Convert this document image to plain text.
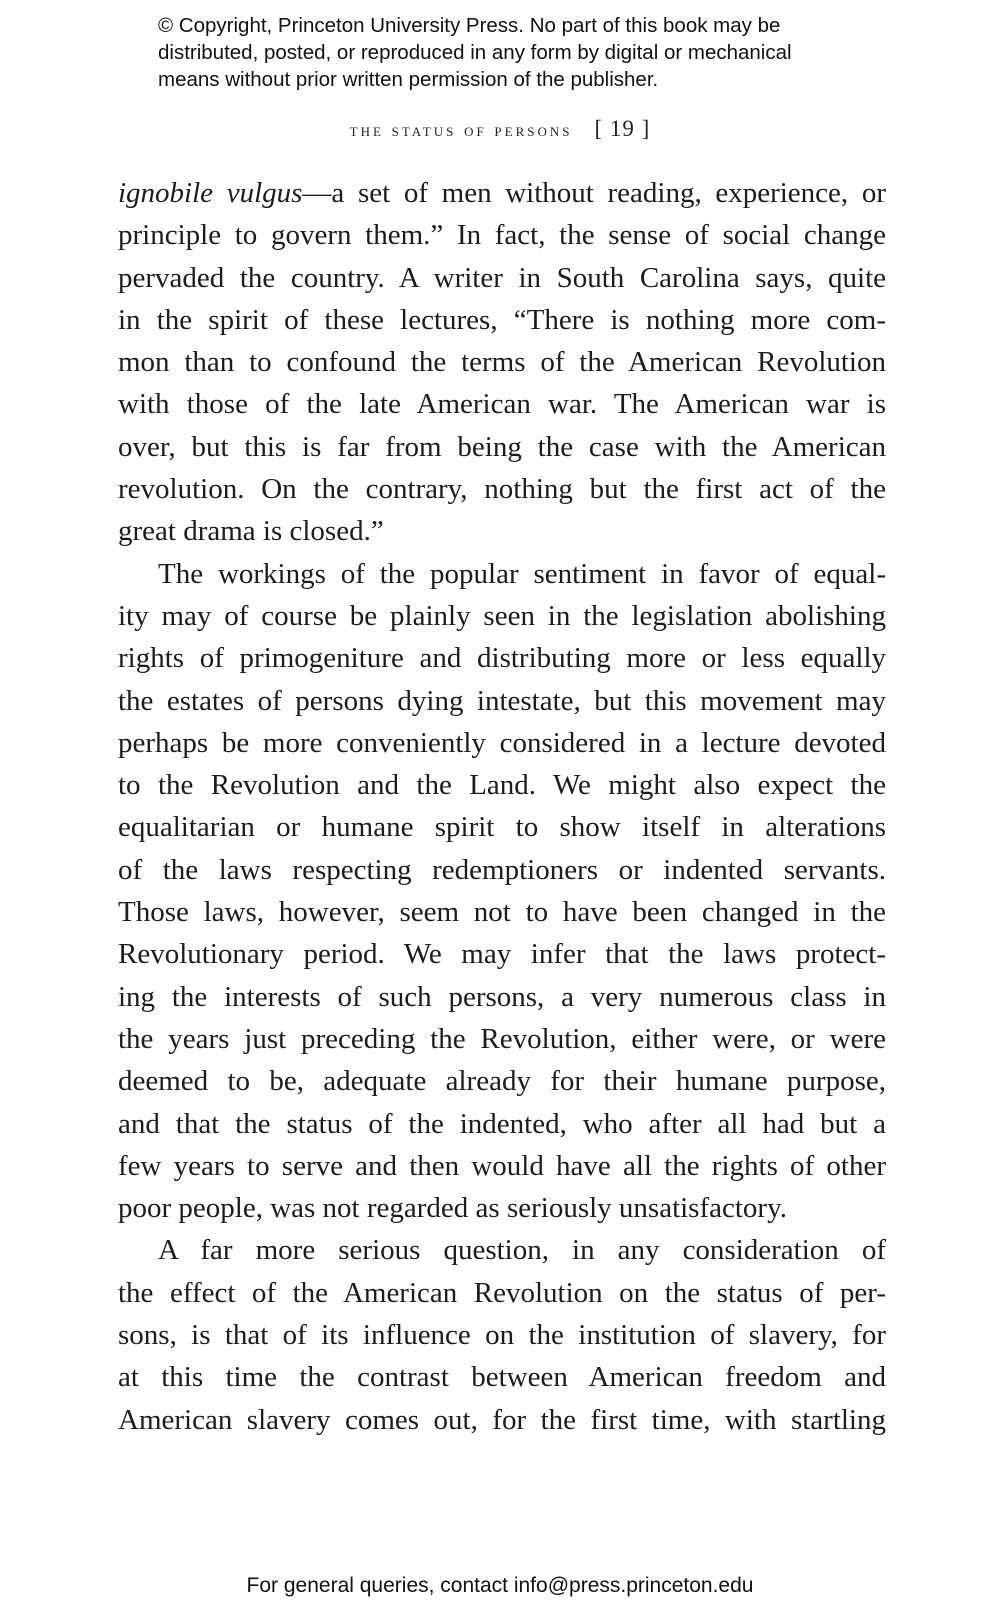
© Copyright, Princeton University Press. No part of this book may be
distributed, posted, or reproduced in any form by digital or mechanical
means without prior written permission of the publisher.
the status of persons [ 19 ]
ignobile vulgus—a set of men without reading, experience, or
principle to govern them.” In fact, the sense of social change
pervaded the country. A writer in South Carolina says, quite
in the spirit of these lectures, “There is nothing more com-
mon than to confound the terms of the American Revolution
with those of the late American war. The American war is
over, but this is far from being the case with the American
revolution. On the contrary, nothing but the first act of the
great drama is closed.”
The workings of the popular sentiment in favor of equal-
ity may of course be plainly seen in the legislation abolishing
rights of primogeniture and distributing more or less equally
the estates of persons dying intestate, but this movement may
perhaps be more conveniently considered in a lecture devoted
to the Revolution and the Land. We might also expect the
equalitarian or humane spirit to show itself in alterations
of the laws respecting redemptioners or indented servants.
Those laws, however, seem not to have been changed in the
Revolutionary period. We may infer that the laws protect-
ing the interests of such persons, a very numerous class in
the years just preceding the Revolution, either were, or were
deemed to be, adequate already for their humane purpose,
and that the status of the indented, who after all had but a
few years to serve and then would have all the rights of other
poor people, was not regarded as seriously unsatisfactory.
A far more serious question, in any consideration of
the effect of the American Revolution on the status of per-
sons, is that of its influence on the institution of slavery, for
at this time the contrast between American freedom and
American slavery comes out, for the first time, with startling
For general queries, contact info@press.princeton.edu
